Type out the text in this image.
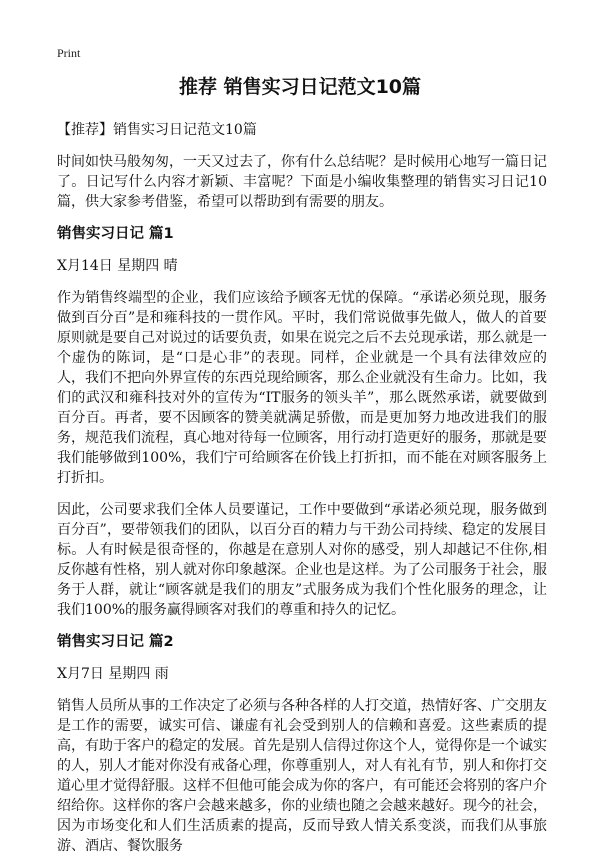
Print
推荐 销售实习日记范文10篇

【推荐】销售实习日记范文10篇

时间如快马般匆匆，一天又过去了，你有什么总结呢？是时候用心地写一篇日记了。日记写什么内容才新颖、丰富呢？下面是小编收集整理的销售实习日记10篇，供大家参考借鉴，希望可以帮助到有需要的朋友。

销售实习日记 篇1
X月14日 星期四 晴

作为销售终端型的企业，我们应该给予顾客无忧的保障。“承诺必须兑现，服务做到百分百”是和雍科技的一贯作风。平时，我们常说做事先做人，做人的首要原则就是要自己对说过的话要负责，如果在说完之后不去兑现承诺，那么就是一个虚伪的陈词，是“口是心非”的表现。同样，企业就是一个具有法律效应的人，我们不把向外界宣传的东西兑现给顾客，那么企业就没有生命力。比如，我们的武汉和雍科技对外的宣传为“IT服务的领头羊”，那么既然承诺，就要做到百分百。再者，要不因顾客的赞美就满足骄傲，而是更加努力地改进我们的服务，规范我们流程，真心地对待每一位顾客，用行动打造更好的服务，那就是要我们能够做到100%，我们宁可给顾客在价钱上打折扣，而不能在对顾客服务上打折扣。

因此，公司要求我们全体人员要谨记，工作中要做到“承诺必须兑现，服务做到百分百”，要带领我们的团队，以百分百的精力与干劲公司持续、稳定的发展目标。人有时候是很奇怪的，你越是在意别人对你的感受，别人却越记不住你,相反你越有性格，别人就对你印象越深。企业也是这样。为了公司服务于社会，服务于人群，就让“顾客就是我们的朋友”式服务成为我们个性化服务的理念，让我们100%的服务赢得顾客对我们的尊重和持久的记忆。

销售实习日记 篇2
X月7日 星期四 雨

销售人员所从事的工作决定了必须与各种各样的人打交道，热情好客、广交朋友是工作的需要，诚实可信、谦虚有礼会受到别人的信赖和喜爱。这些素质的提高，有助于客户的稳定的发展。首先是别人信得过你这个人，觉得你是一个诚实的人，别人才能对你没有戒备心理，你尊重别人，对人有礼有节，别人和你打交道心里才觉得舒服。这样不但他可能会成为你的客户，有可能还会将别的客户介绍给你。这样你的客户会越来越多，你的业绩也随之会越来越好。现今的社会，因为市场变化和人们生活质素的提高，反而导致人情关系变淡，而我们从事旅游、酒店、餐饮服务
